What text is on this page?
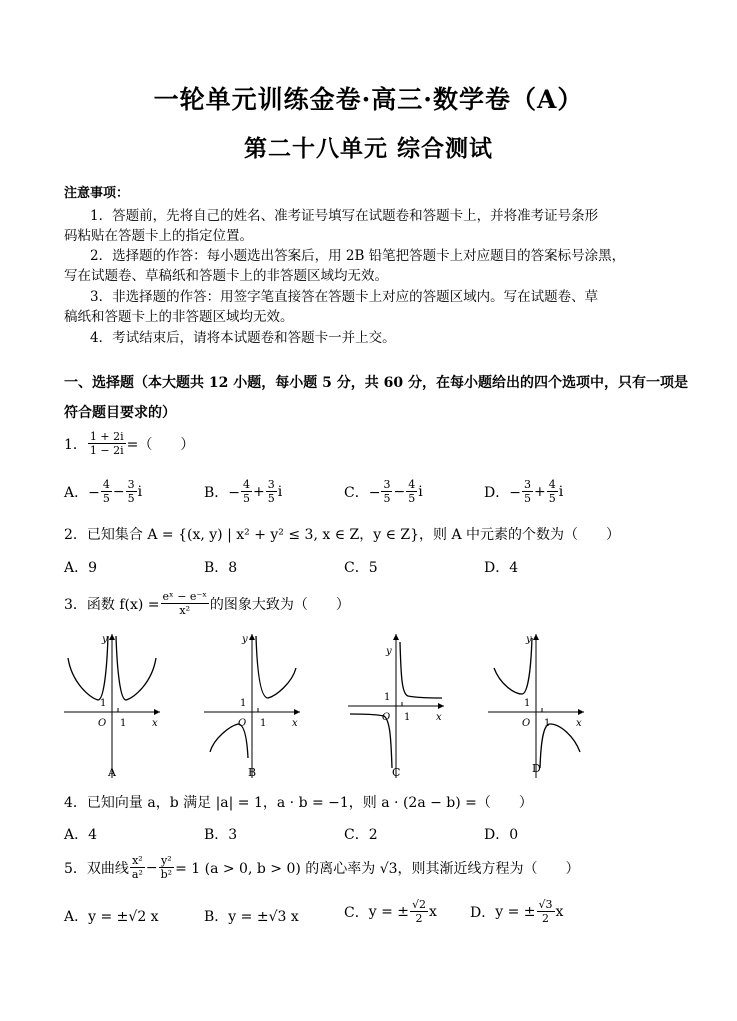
一轮单元训练金卷·高三·数学卷（A）
第二十八单元 综合测试
注意事项：
1．答题前，先将自己的姓名、准考证号填写在试题卷和答题卡上，并将准考证号条形
码粘贴在答题卡上的指定位置。
2．选择题的作答：每小题选出答案后，用 2B 铅笔把答题卡上对应题目的答案标号涂黑，
写在试题卷、草稿纸和答题卡上的非答题区域均无效。
3．非选择题的作答：用签字笔直接答在答题卡上对应的答题区域内。写在试题卷、草
稿纸和答题卡上的非答题区域均无效。
4．考试结束后，请将本试题卷和答题卡一并上交。
一、选择题（本大题共 12 小题，每小题 5 分，共 60 分，在每小题给出的四个选项中，只有一项是
符合题目要求的）
1． $\frac{1 + 2i}{1 - 2i}$ =（　　）
A．− $\frac{4}{5} - \frac{3}{5}$ i	B．− $\frac{4}{5} + \frac{3}{5}$ i	C．− $\frac{3}{5} - \frac{4}{5}$ i	D．− $\frac{3}{5} + \frac{4}{5}$ i
2．已知集合 A = {(x, y) | x² + y² ≤ 3, x ∈ Z，y ∈ Z}，则 A 中元素的个数为（　　）
A．9	B．8	C．5	D．4
3．函数 $f(x) = \frac{\text{eˣ − e⁻ˣ}}{\text{x²}}$ 的图象大致为（　　）
1
1
O	x
y
A
1
1
O	x
y
B
1
1
O	x
y
C
1
1
O	x
y
D
4．已知向量 a，b 满足 |a| = 1，a · b = −1，则 a · (2a − b) =（　　）
A．4	B．3	C．2	D．0
5．双曲线 $\frac{\text{x²}}{\text{a²}} - \frac{\text{y²}}{\text{b²}} = 1$ (a > 0, b > 0) 的离心率为 √3，则其渐近线方程为（　　）
A．y = ±√2 x	B．y = ±√3 x	C． y = ± $\frac{√2}{2}$ x D． y = ± $\frac{√3}{2}$ x
